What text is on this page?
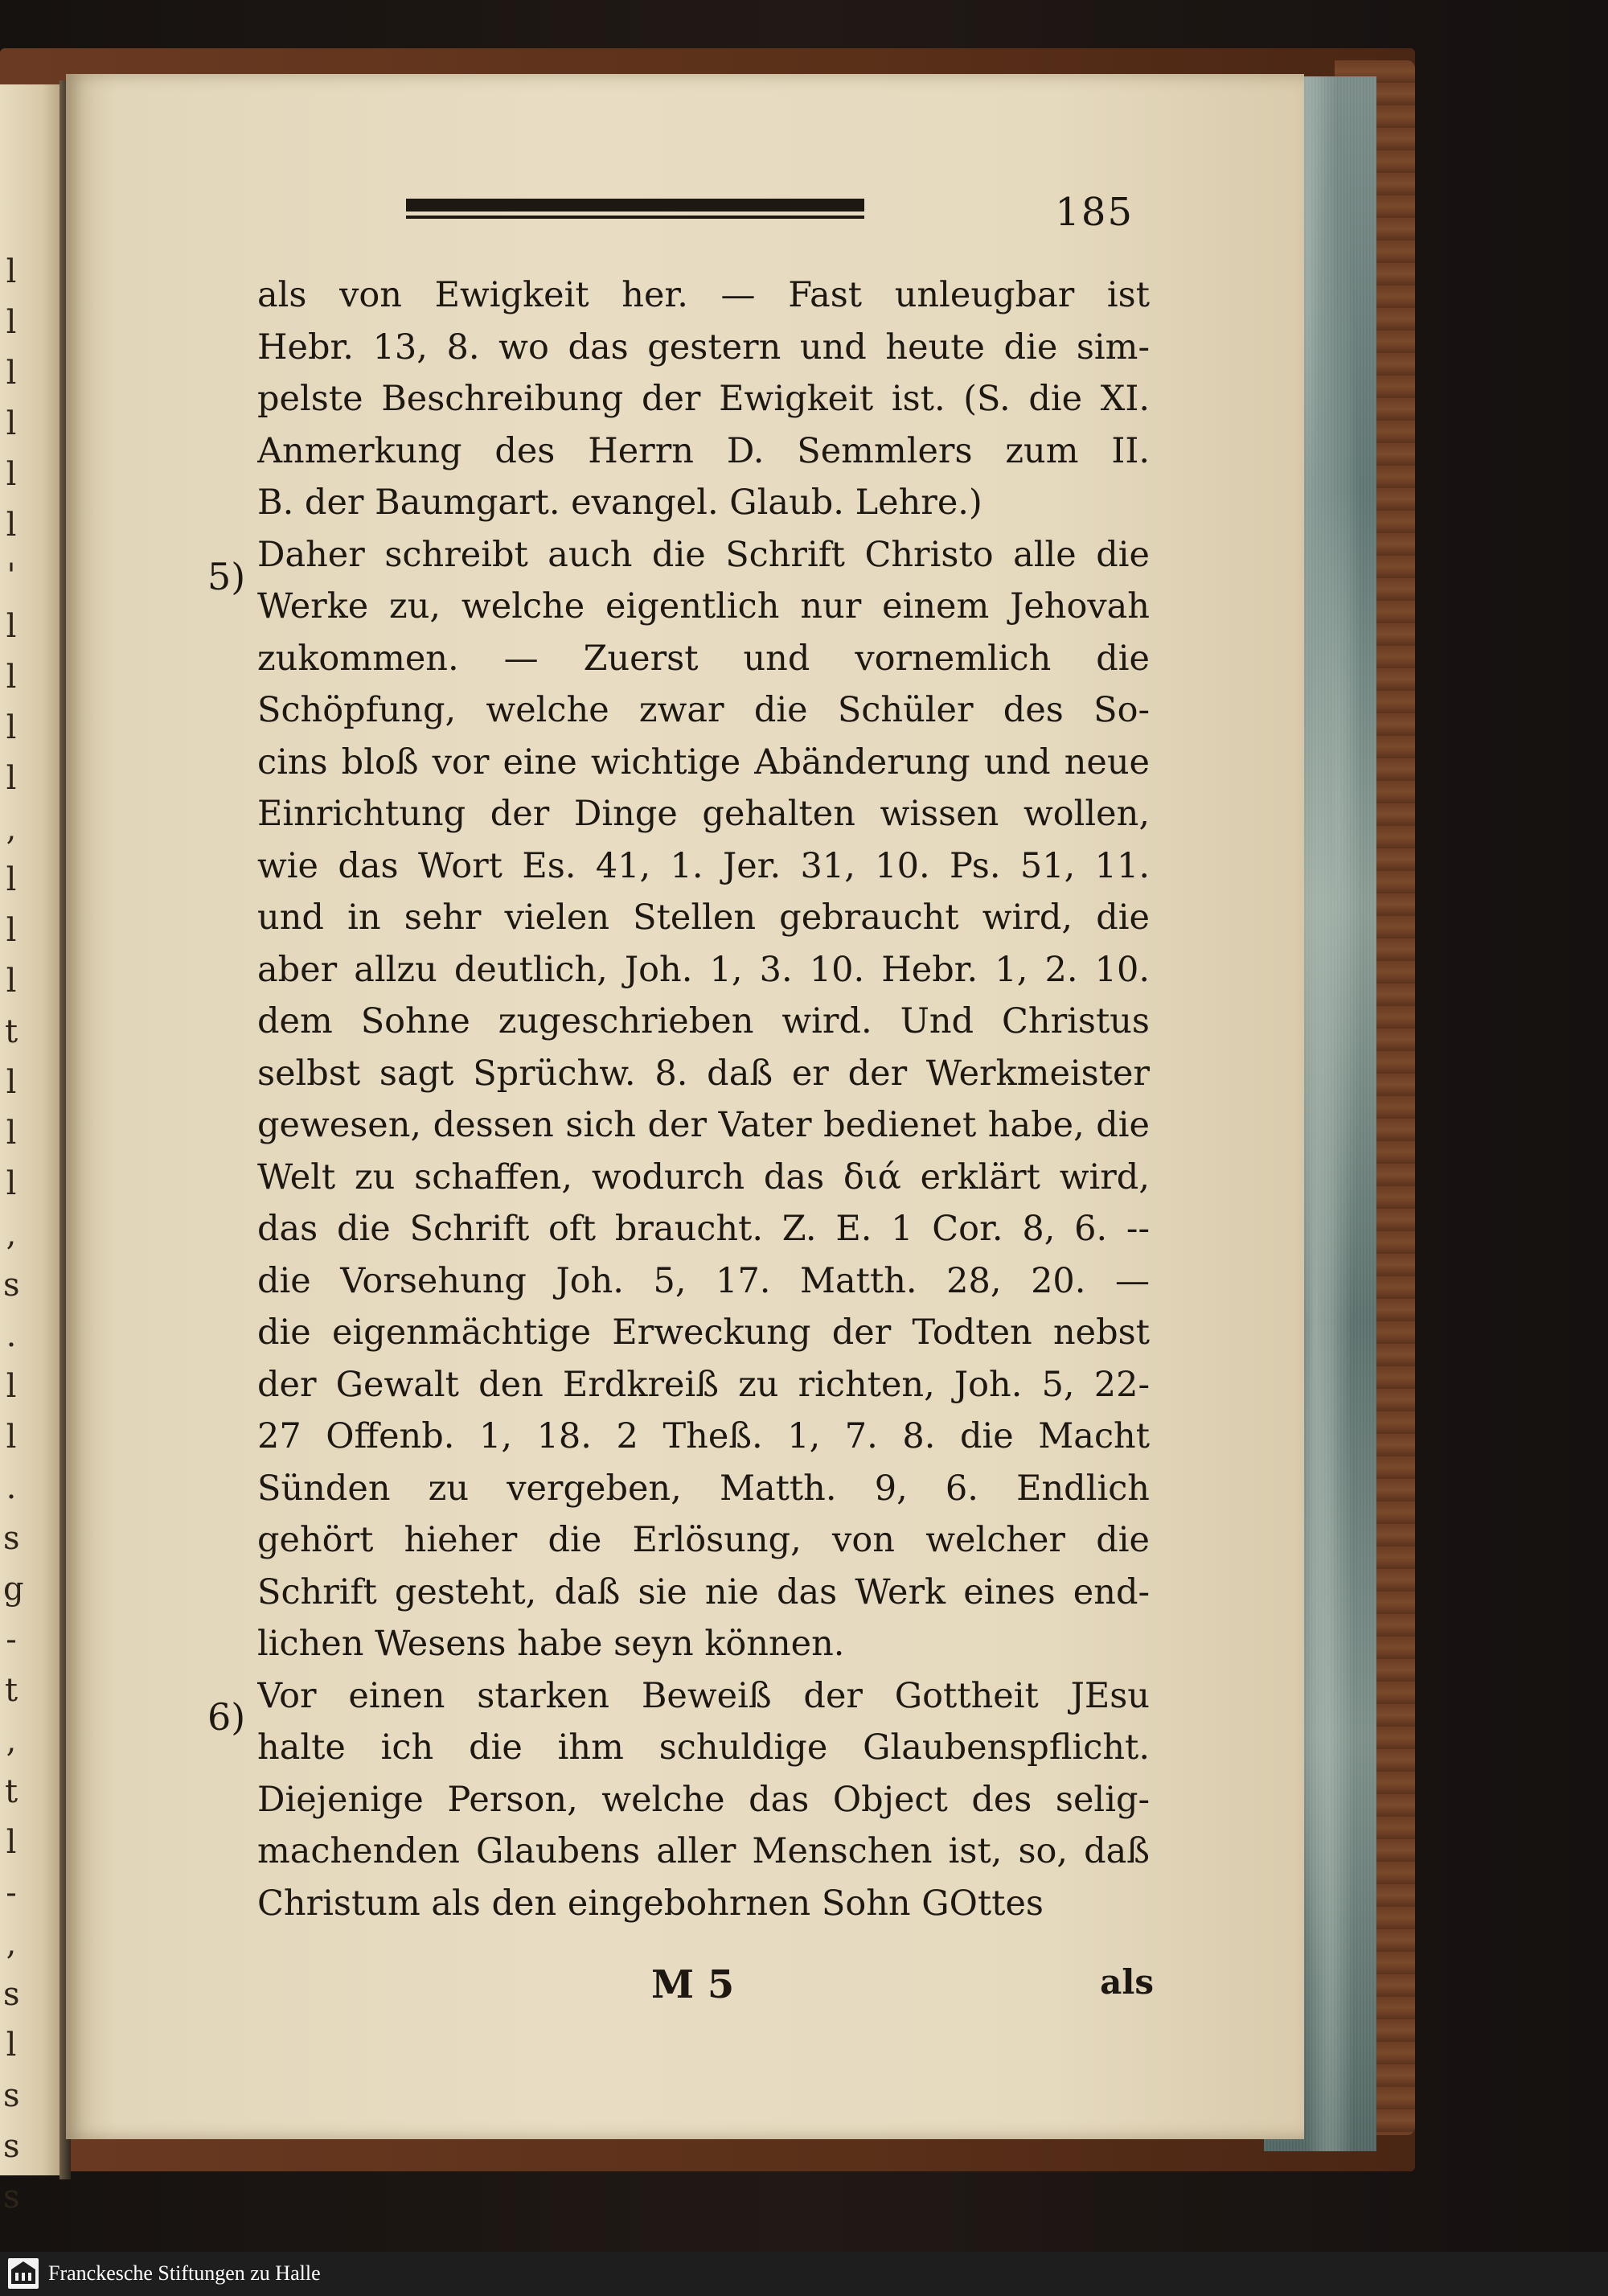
l
l
l
l
l
l
'
l
l
l
l
,
l
l
l
t
l
l
l
,
s
.
l
l
.
s
g
-
t
,
t
l
-
,
s
l
s
s
s
185
5)
6)
als von Ewigkeit her. — Fast unleugbar ist
Hebr. 13, 8. wo das gestern und heute die sim-
pelste Beschreibung der Ewigkeit ist. (S. die XI.
Anmerkung des Herrn D. Semmlers zum II.
B. der Baumgart. evangel. Glaub. Lehre.)
Daher schreibt auch die Schrift Christo alle die
Werke zu, welche eigentlich nur einem Jehovah
zukommen. — Zuerst und vornemlich die
Schöpfung, welche zwar die Schüler des So-
cins bloß vor eine wichtige Abänderung und neue
Einrichtung der Dinge gehalten wissen wollen,
wie das Wort Es. 41, 1. Jer. 31, 10. Ps. 51, 11.
und in sehr vielen Stellen gebraucht wird, die
aber allzu deutlich, Joh. 1, 3. 10. Hebr. 1, 2. 10.
dem Sohne zugeschrieben wird. Und Christus
selbst sagt Sprüchw. 8. daß er der Werkmeister
gewesen, dessen sich der Vater bedienet habe, die
Welt zu schaffen, wodurch das διά erklärt wird,
das die Schrift oft braucht. Z. E. 1 Cor. 8, 6. --
die Vorsehung Joh. 5, 17. Matth. 28, 20. —
die eigenmächtige Erweckung der Todten nebst
der Gewalt den Erdkreiß zu richten, Joh. 5, 22-
27 Offenb. 1, 18. 2 Theß. 1, 7. 8. die Macht
Sünden zu vergeben, Matth. 9, 6. Endlich
gehört hieher die Erlösung, von welcher die
Schrift gesteht, daß sie nie das Werk eines end-
lichen Wesens habe seyn können.
Vor einen starken Beweiß der Gottheit JEsu
halte ich die ihm schuldige Glaubenspflicht.
Diejenige Person, welche das Object des selig-
machenden Glaubens aller Menschen ist, so, daß
Christum als den eingebohrnen Sohn GOttes
M 5	als
Franckesche Stiftungen zu Halle
